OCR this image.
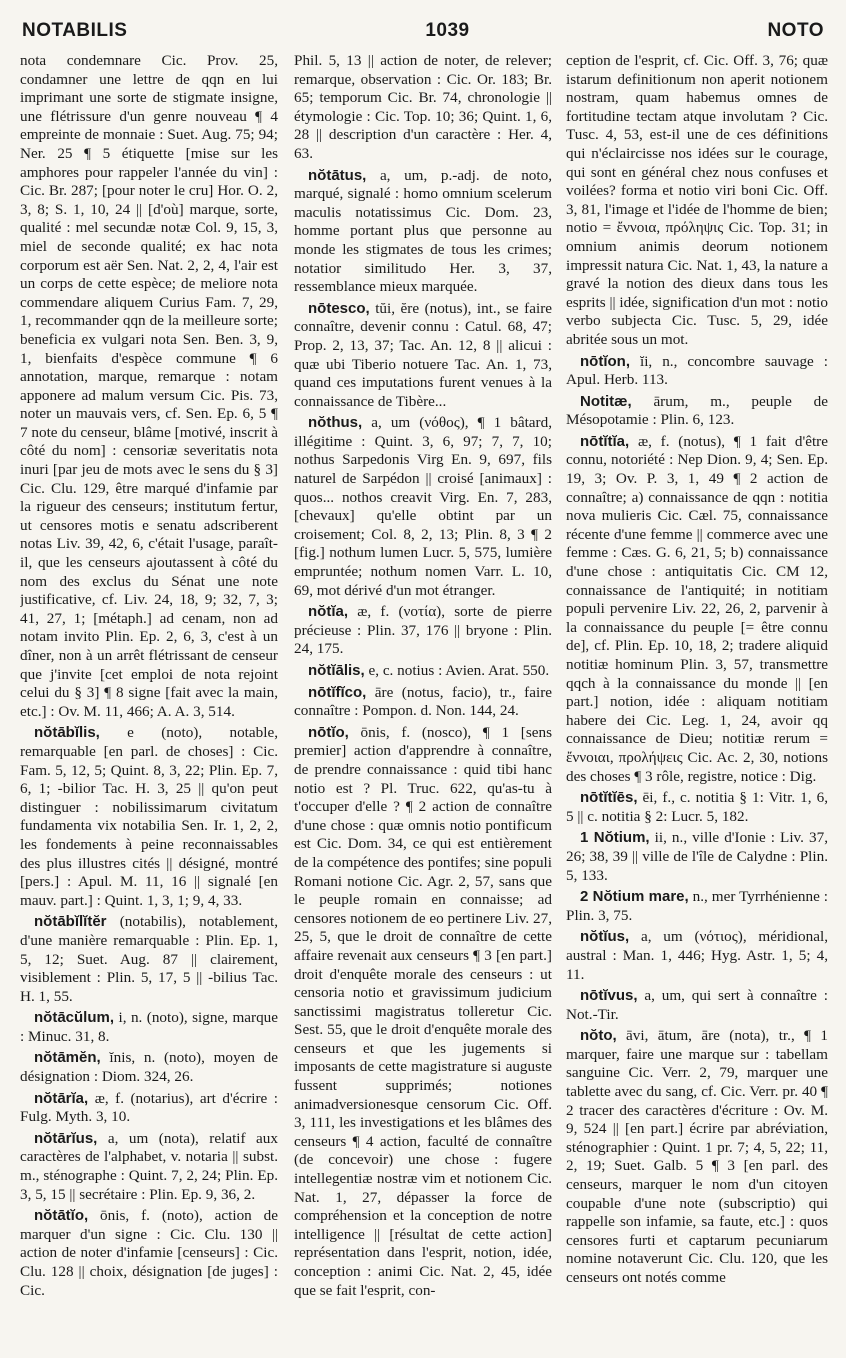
NOTABILIS	1039	NOTO

nota condemnare Cic. Prov. 25, condamner une lettre de qqn en lui imprimant une sorte de stigmate insigne, une flétrissure d'un genre nouveau ¶ 4 empreinte de monnaie : Suet. Aug. 75; 94; Ner. 25 ¶ 5 étiquette [mise sur les amphores pour rappeler l'année du vin] : Cic. Br. 287; [pour noter le cru] Hor. O. 2, 3, 8; S. 1, 10, 24 || [d'où] marque, sorte, qualité : mel secundæ notæ Col. 9, 15, 3, miel de seconde qualité; ex hac nota corporum est aër Sen. Nat. 2, 2, 4, l'air est un corps de cette espèce; de meliore nota commendare aliquem Curius Fam. 7, 29, 1, recommander qqn de la meilleure sorte; beneficia ex vulgari nota Sen. Ben. 3, 9, 1, bienfaits d'espèce commune ¶ 6 annotation, marque, remarque : notam apponere ad malum versum Cic. Pis. 73, noter un mauvais vers, cf. Sen. Ep. 6, 5 ¶ 7 note du censeur, blâme [motivé, inscrit à côté du nom] : censoriæ severitatis nota inuri [par jeu de mots avec le sens du § 3] Cic. Clu. 129, être marqué d'infamie par la rigueur des censeurs; institutum fertur, ut censores motis e senatu adscriberent notas Liv. 39, 42, 6, c'était l'usage, paraît-il, que les censeurs ajoutassent à côté du nom des exclus du Sénat une note justificative, cf. Liv. 24, 18, 9; 32, 7, 3; 41, 27, 1; [métaph.] ad cenam, non ad notam invito Plin. Ep. 2, 6, 3, c'est à un dîner, non à un arrêt flétrissant de censeur que j'invite [cet emploi de nota rejoint celui du § 3] ¶ 8 signe [fait avec la main, etc.] : Ov. M. 11, 466; A. A. 3, 514.

nŏtābĭlis, e (noto), notable, remarquable [en parl. de choses] : Cic. Fam. 5, 12, 5; Quint. 8, 3, 22; Plin. Ep. 7, 6, 1; -bilior Tac. H. 3, 25 || qu'on peut distinguer : nobilissimarum civitatum fundamenta vix notabilia Sen. Ir. 1, 2, 2, les fondements à peine reconnaissables des plus illustres cités || désigné, montré [pers.] : Apul. M. 11, 16 || signalé [en mauv. part.] : Quint. 1, 3, 1; 9, 4, 33.

nŏtābĭlĭtĕr (notabilis), notablement, d'une manière remarquable : Plin. Ep. 1, 5, 12; Suet. Aug. 87 || clairement, visiblement : Plin. 5, 17, 5 || -bilius Tac. H. 1, 55.

nŏtācŭlum, i, n. (noto), signe, marque : Minuc. 31, 8.

nŏtāmĕn, ĭnis, n. (noto), moyen de désignation : Diom. 324, 26.

nŏtārĭa, æ, f. (notarius), art d'écrire : Fulg. Myth. 3, 10.

nŏtārĭus, a, um (nota), relatif aux caractères de l'alphabet, v. notaria || subst. m., sténographe : Quint. 7, 2, 24; Plin. Ep. 3, 5, 15 || secrétaire : Plin. Ep. 9, 36, 2.

nŏtātĭo, ōnis, f. (noto), action de marquer d'un signe : Cic. Clu. 130 || action de noter d'infamie [censeurs] : Cic. Clu. 128 || choix, désignation [de juges] : Cic.

Phil. 5, 13 || action de noter, de relever; remarque, observation : Cic. Or. 183; Br. 65; temporum Cic. Br. 74, chronologie || étymologie : Cic. Top. 10; 36; Quint. 1, 6, 28 || description d'un caractère : Her. 4, 63.

nŏtātus, a, um, p.-adj. de noto, marqué, signalé : homo omnium scelerum maculis notatissimus Cic. Dom. 23, homme portant plus que personne au monde les stigmates de tous les crimes; notatior similitudo Her. 3, 37, ressemblance mieux marquée.

nōtesco, tŭi, ĕre (notus), int., se faire connaître, devenir connu : Catul. 68, 47; Prop. 2, 13, 37; Tac. An. 12, 8 || alicui : quæ ubi Tiberio notuere Tac. An. 1, 73, quand ces imputations furent venues à la connaissance de Tibère...

nŏthus, a, um (νόθος), ¶ 1 bâtard, illégitime : Quint. 3, 6, 97; 7, 7, 10; nothus Sarpedonis Virg En. 9, 697, fils naturel de Sarpédon || croisé [animaux] : quos... nothos creavit Virg. En. 7, 283, [chevaux] qu'elle obtint par un croisement; Col. 8, 2, 13; Plin. 8, 3 ¶ 2 [fig.] nothum lumen Lucr. 5, 575, lumière empruntée; nothum nomen Varr. L. 10, 69, mot dérivé d'un mot étranger.

nŏtĭa, æ, f. (νοτία), sorte de pierre précieuse : Plin. 37, 176 || bryone : Plin. 24, 175.

nŏtĭālis, e, c. notius : Avien. Arat. 550.

nōtĭfĭco, āre (notus, facio), tr., faire connaître : Pompon. d. Non. 144, 24.

nōtĭo, ōnis, f. (nosco), ¶ 1 [sens premier] action d'apprendre à connaître, de prendre connaissance : quid tibi hanc notio est ? Pl. Truc. 622, qu'as-tu à t'occuper d'elle ? ¶ 2 action de connaître d'une chose : quæ omnis notio pontificum est Cic. Dom. 34, ce qui est entièrement de la compétence des pontifes; sine populi Romani notione Cic. Agr. 2, 57, sans que le peuple romain en connaisse; ad censores notionem de eo pertinere Liv. 27, 25, 5, que le droit de connaître de cette affaire revenait aux censeurs ¶ 3 [en part.] droit d'enquête morale des censeurs : ut censoria notio et gravissimum judicium sanctissimi magistratus tolleretur Cic. Sest. 55, que le droit d'enquête morale des censeurs et que les jugements si imposants de cette magistrature si auguste fussent supprimés; notiones animadversionesque censorum Cic. Off. 3, 111, les investigations et les blâmes des censeurs ¶ 4 action, faculté de connaître (de concevoir) une chose : fugere intellegentiæ nostræ vim et notionem Cic. Nat. 1, 27, dépasser la force de compréhension et la conception de notre intelligence || [résultat de cette action] représentation dans l'esprit, notion, idée, conception : animi Cic. Nat. 2, 45, idée que se fait l'esprit, con-

ception de l'esprit, cf. Cic. Off. 3, 76; quæ istarum definitionum non aperit notionem nostram, quam habemus omnes de fortitudine tectam atque involutam ? Cic. Tusc. 4, 53, est-il une de ces définitions qui n'éclaircisse nos idées sur le courage, qui sont en général chez nous confuses et voilées? forma et notio viri boni Cic. Off. 3, 81, l'image et l'idée de l'homme de bien; notio = ἔννοια, πρόληψις Cic. Top. 31; in omnium animis deorum notionem impressit natura Cic. Nat. 1, 43, la nature a gravé la notion des dieux dans tous les esprits || idée, signification d'un mot : notio verbo subjecta Cic. Tusc. 5, 29, idée abritée sous un mot.

nōtĭon, ĭi, n., concombre sauvage : Apul. Herb. 113.

Notitæ, ārum, m., peuple de Mésopotamie : Plin. 6, 123.

nōtĭtĭa, æ, f. (notus), ¶ 1 fait d'être connu, notoriété : Nep Dion. 9, 4; Sen. Ep. 19, 3; Ov. P. 3, 1, 49 ¶ 2 action de connaître; a) connaissance de qqn : notitia nova mulieris Cic. Cæl. 75, connaissance récente d'une femme || commerce avec une femme : Cæs. G. 6, 21, 5; b) connaissance d'une chose : antiquitatis Cic. CM 12, connaissance de l'antiquité; in notitiam populi pervenire Liv. 22, 26, 2, parvenir à la connaissance du peuple [= être connu de], cf. Plin. Ep. 10, 18, 2; tradere aliquid notitiæ hominum Plin. 3, 57, transmettre qqch à la connaissance du monde || [en part.] notion, idée : aliquam notitiam habere dei Cic. Leg. 1, 24, avoir qq connaissance de Dieu; notitiæ rerum = ἔννοιαι, προλήψεις Cic. Ac. 2, 30, notions des choses ¶ 3 rôle, registre, notice : Dig.

nōtĭtĭēs, ēi, f., c. notitia § 1: Vitr. 1, 6, 5 || c. notitia § 2: Lucr. 5, 182.

1 Nŏtium, ii, n., ville d'Ionie : Liv. 37, 26; 38, 39 || ville de l'île de Calydne : Plin. 5, 133.

2 Nŏtium mare, n., mer Tyrrhénienne : Plin. 3, 75.

nŏtĭus, a, um (νότιος), méridional, austral : Man. 1, 446; Hyg. Astr. 1, 5; 4, 11.

nōtĭvus, a, um, qui sert à connaître : Not.-Tir.

nŏto, āvi, ātum, āre (nota), tr., ¶ 1 marquer, faire une marque sur : tabellam sanguine Cic. Verr. 2, 79, marquer une tablette avec du sang, cf. Cic. Verr. pr. 40 ¶ 2 tracer des caractères d'écriture : Ov. M. 9, 524 || [en part.] écrire par abréviation, sténographier : Quint. 1 pr. 7; 4, 5, 22; 11, 2, 19; Suet. Galb. 5 ¶ 3 [en parl. des censeurs, marquer le nom d'un citoyen coupable d'une note (subscriptio) qui rappelle son infamie, sa faute, etc.] : quos censores furti et captarum pecuniarum nomine notaverunt Cic. Clu. 120, que les censeurs ont notés comme
